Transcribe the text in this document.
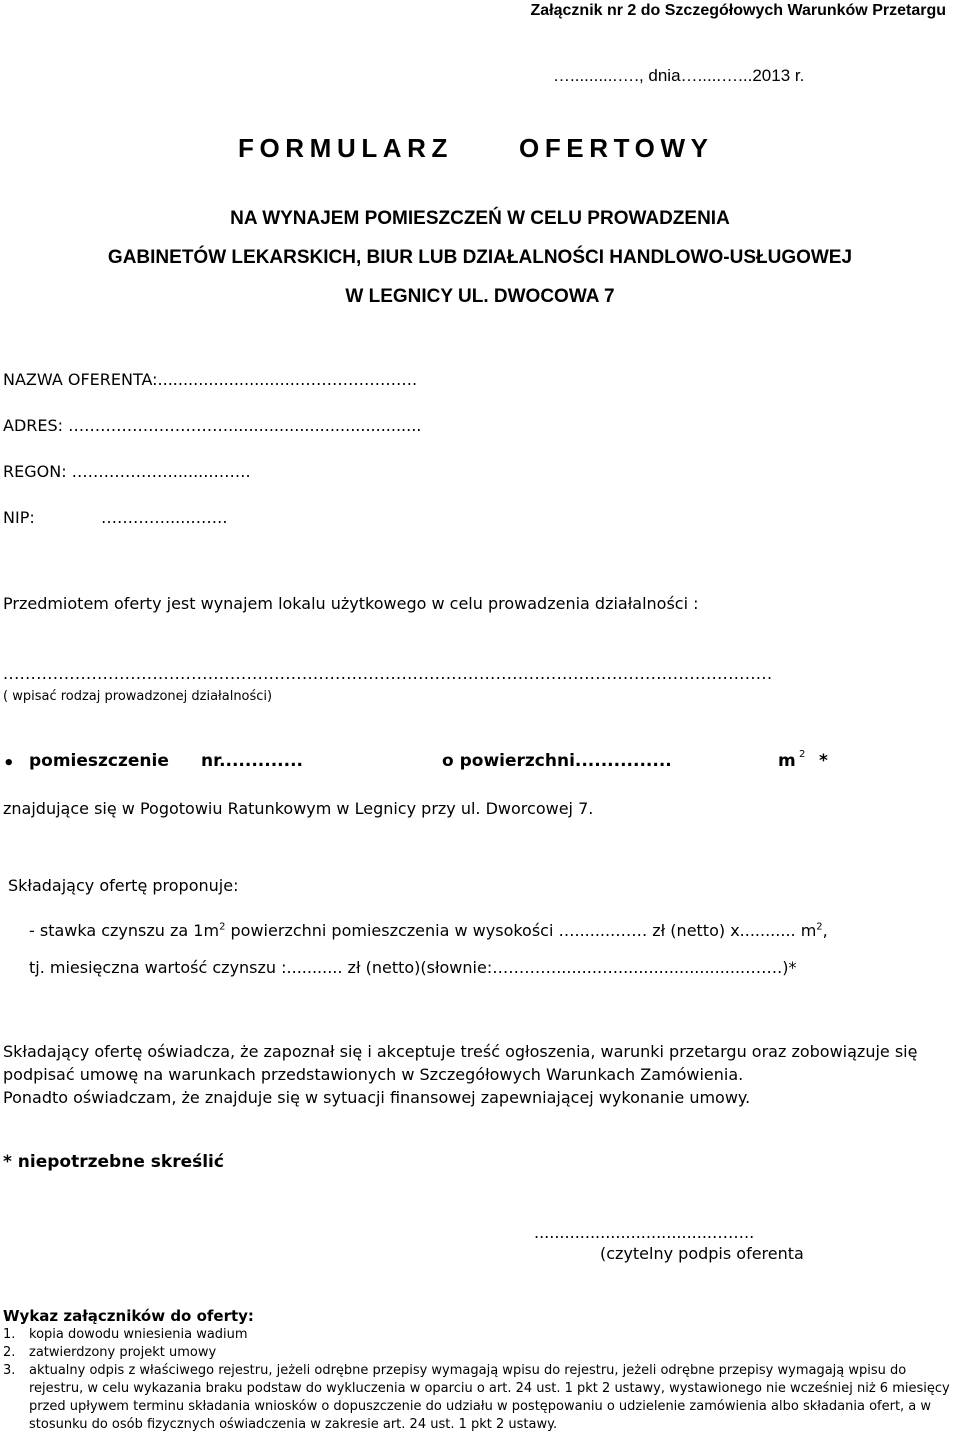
Załącznik nr 2 do Szczegółowych Warunków Przetargu
…..........…., dnia….....…...2013 r.
FORMULARZ	OFERTOWY
NA WYNAJEM POMIESZCZEŃ W CELU PROWADZENIA
GABINETÓW LEKARSKICH, BIUR LUB DZIAŁALNOŚCI HANDLOWO-USŁUGOWEJ
W LEGNICY UL. DWOCOWA 7
NAZWA OFERENTA:............................………………….
ADRES: …………………………......................................
REGON: ……………….........…….
NIP:	………….....…….
Przedmiotem oferty jest wynajem lokalu użytkowego w celu prowadzenia działalności :
...........................................................................................................................................
( wpisać rodzaj prowadzonej działalności)
• pomieszczenie nr.............	o powierzchni...............	m 2 *
znajdujące się w Pogotowiu Ratunkowym w Legnicy przy ul. Dworcowej 7.
Składający ofertę proponuje:
- stawka czynszu za $1m^2$ powierzchni pomieszczenia w wysokości …........…… zł (netto) x........... $m^2$,
tj. miesięczna wartość czynszu :........... zł (netto)(słownie:…………........…..........................…….)*
Składający ofertę oświadcza, że zapoznał się i akceptuje treść ogłoszenia, warunki przetargu oraz zobowiązuje się podpisać umowę na warunkach przedstawionych w Szczegółowych Warunkach Zamówienia.
Ponadto oświadczam, że znajduje się w sytuacji finansowej zapewniającej wykonanie umowy.
* niepotrzebne skreślić
...................................……..
(czytelny podpis oferenta
Wykaz załączników do oferty:
1. kopia dowodu wniesienia wadium
2. zatwierdzony projekt umowy
3. aktualny odpis z właściwego rejestru, jeżeli odrębne przepisy wymagają wpisu do rejestru, jeżeli odrębne przepisy wymagają wpisu do rejestru, w celu wykazania braku podstaw do wykluczenia w oparciu o art. 24 ust. 1 pkt 2 ustawy, wystawionego nie wcześniej niż 6 miesięcy przed upływem terminu składania wniosków o dopuszczenie do udziału w postępowaniu o udzielenie zamówienia albo składania ofert, a w stosunku do osób fizycznych oświadczenia w zakresie art. 24 ust. 1 pkt 2 ustawy.
